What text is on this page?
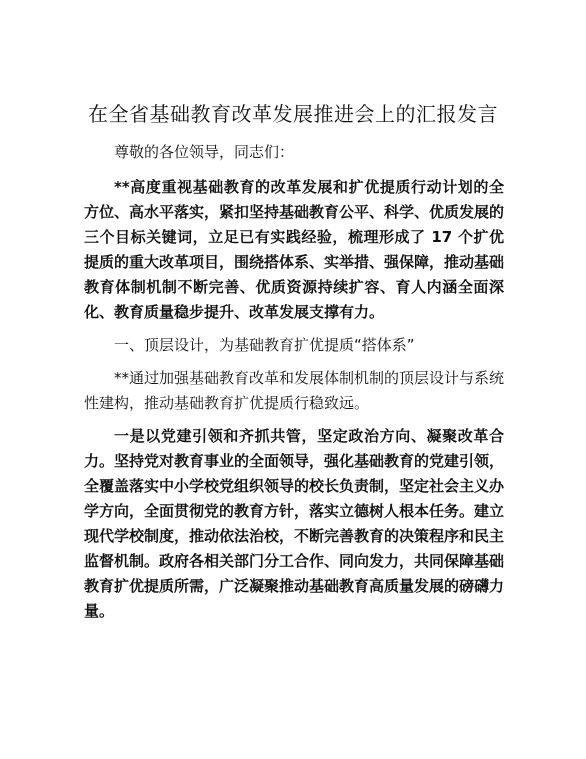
在全省基础教育改革发展推进会上的汇报发言

尊敬的各位领导，同志们：

**高度重视基础教育的改革发展和扩优提质行动计划的全方位、高水平落实，紧扣坚持基础教育公平、科学、优质发展的三个目标关键词，立足已有实践经验，梳理形成了 17 个扩优提质的重大改革项目，围绕搭体系、实举措、强保障，推动基础教育体制机制不断完善、优质资源持续扩容、育人内涵全面深化、教育质量稳步提升、改革发展支撑有力。

一、顶层设计，为基础教育扩优提质“搭体系”

**通过加强基础教育改革和发展体制机制的顶层设计与系统性建构，推动基础教育扩优提质行稳致远。

一是以党建引领和齐抓共管，坚定政治方向、凝聚改革合力。坚持党对教育事业的全面领导，强化基础教育的党建引领，全覆盖落实中小学校党组织领导的校长负责制，坚定社会主义办学方向，全面贯彻党的教育方针，落实立德树人根本任务。建立现代学校制度，推动依法治校，不断完善教育的决策程序和民主监督机制。政府各相关部门分工合作、同向发力，共同保障基础教育扩优提质所需，广泛凝聚推动基础教育高质量发展的磅礴力量。
